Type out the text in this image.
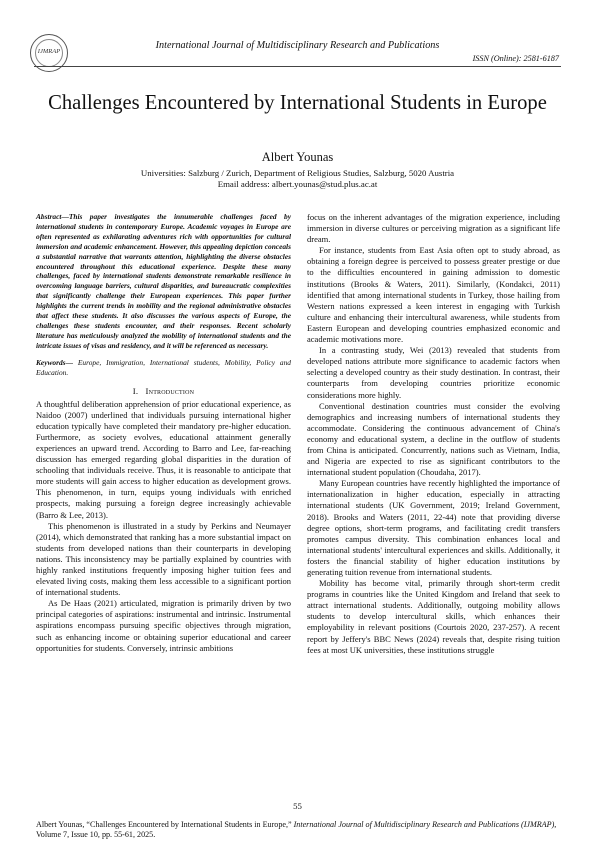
IJMRAP
International Journal of Multidisciplinary Research and Publications
ISSN (Online): 2581-6187
Challenges Encountered by International Students in Europe
Albert Younas
Universities: Salzburg / Zurich, Department of Religious Studies, Salzburg, 5020 Austria
Email address: albert.younas@stud.plus.ac.at

Abstract—This paper investigates the innumerable challenges faced by international students in contemporary Europe. Academic voyages in Europe are often represented as exhilarating adventures rich with opportunities for cultural immersion and academic enhancement. However, this appealing depiction conceals a substantial narrative that warrants attention, highlighting the diverse obstacles encountered throughout this educational experience. Despite these many challenges, faced by international students demonstrate remarkable resilience in overcoming language barriers, cultural disparities, and bureaucratic complexities that significantly challenge their European experiences. This paper further highlights the current trends in mobility and the regional administrative obstacles that affect these students. It also discusses the various aspects of Europe, the challenges these students encounter, and their responses. Recent scholarly literature has meticulously analyzed the mobility of international students and the intricate issues of visas and residency, and it will be referenced as necessary.

Keywords— Europe, Immigration, International students, Mobility, Policy and Education.

I. Introduction

A thoughtful deliberation apprehension of prior educational experience, as Naidoo (2007) underlined that individuals pursuing international higher education typically have completed their mandatory pre-higher education. Furthermore, as society evolves, educational attainment generally experiences an upward trend. According to Barro and Lee, far-reaching discussion has emerged regarding global disparities in the duration of schooling that individuals receive. Thus, it is reasonable to anticipate that more students will gain access to higher education as development grows. This phenomenon, in turn, equips young individuals with enriched prospects, making pursuing a foreign degree increasingly achievable (Barro & Lee, 2013).

This phenomenon is illustrated in a study by Perkins and Neumayer (2014), which demonstrated that ranking has a more substantial impact on students from developed nations than their counterparts in developing nations. This inconsistency may be partially explained by countries with highly ranked institutions frequently imposing higher tuition fees and elevated living costs, making them less accessible to a significant portion of international students.

As De Haas (2021) articulated, migration is primarily driven by two principal categories of aspirations: instrumental and intrinsic. Instrumental aspirations encompass pursuing specific objectives through migration, such as enhancing income or obtaining superior educational and career opportunities for students. Conversely, intrinsic ambitions

focus on the inherent advantages of the migration experience, including immersion in diverse cultures or perceiving migration as a significant life dream.

For instance, students from East Asia often opt to study abroad, as obtaining a foreign degree is perceived to possess greater prestige or due to the difficulties encountered in gaining admission to domestic institutions (Brooks & Waters, 2011). Similarly, (Kondakci, 2011) identified that among international students in Turkey, those hailing from Western nations expressed a keen interest in engaging with Turkish culture and enhancing their intercultural awareness, while students from Eastern European and developing countries emphasized economic and academic motivations more.

In a contrasting study, Wei (2013) revealed that students from developed nations attribute more significance to academic factors when selecting a developed country as their study destination. In contrast, their counterparts from developing countries prioritize economic considerations more highly.

Conventional destination countries must consider the evolving demographics and increasing numbers of international students they accommodate. Considering the continuous advancement of China's economy and educational system, a decline in the outflow of students from China is anticipated. Concurrently, nations such as Vietnam, India, and Nigeria are expected to rise as significant contributors to the international student population (Choudaha, 2017).

Many European countries have recently highlighted the importance of internationalization in higher education, especially in attracting international students (UK Government, 2019; Ireland Government, 2018). Brooks and Waters (2011, 22-44) note that providing diverse degree options, short-term programs, and facilitating credit transfers promotes campus diversity. This combination enhances local and international students' intercultural experiences and skills. Additionally, it fosters the financial stability of higher education institutions by generating tuition revenue from international students.

Mobility has become vital, primarily through short-term credit programs in countries like the United Kingdom and Ireland that seek to attract international students. Additionally, outgoing mobility allows students to develop intercultural skills, which enhances their employability in relevant positions (Courtois 2020, 237-257). A recent report by Jeffery's BBC News (2024) reveals that, despite rising tuition fees at most UK universities, these institutions struggle

55
Albert Younas, “Challenges Encountered by International Students in Europe,” International Journal of Multidisciplinary Research and Publications (IJMRAP), Volume 7, Issue 10, pp. 55-61, 2025.
